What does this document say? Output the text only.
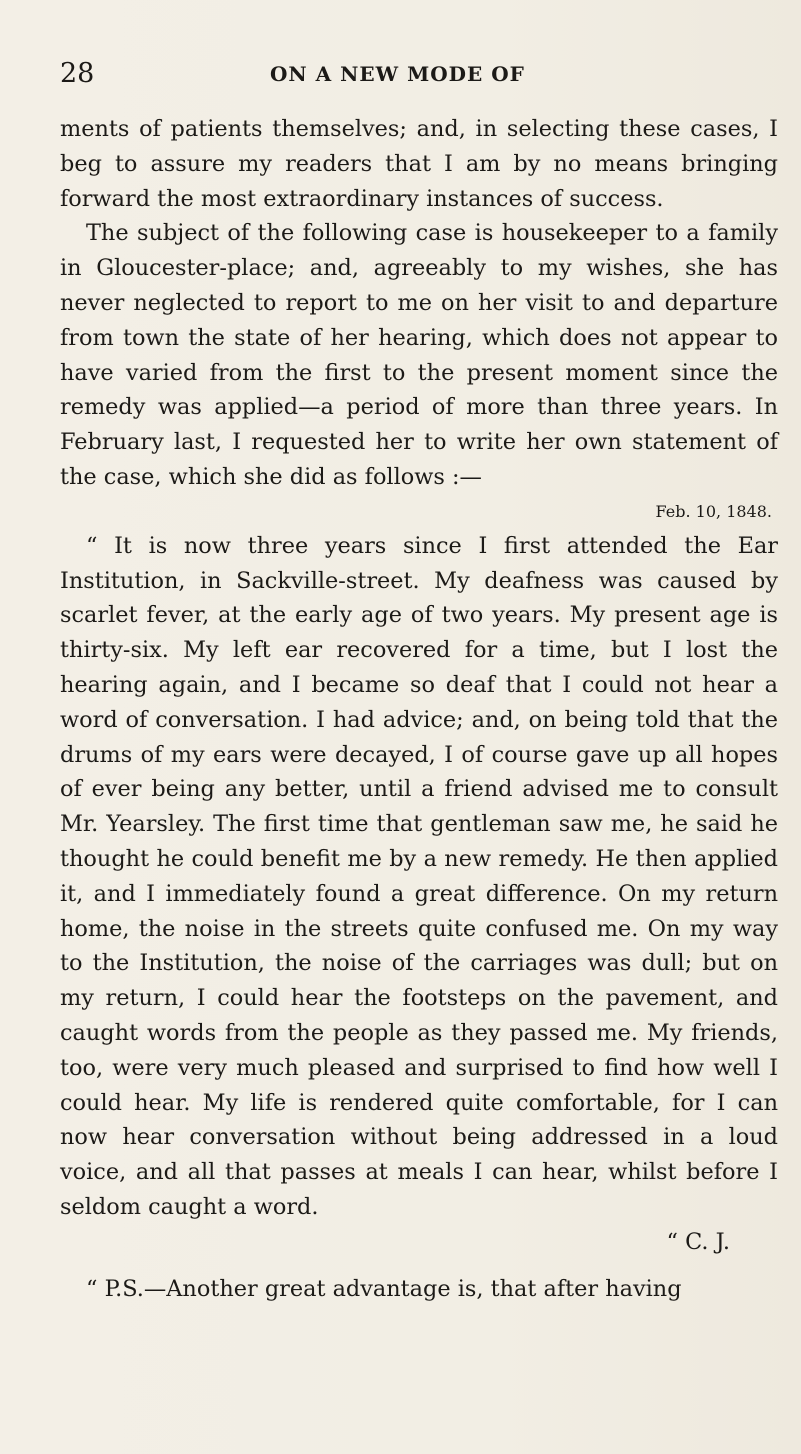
28	ON A NEW MODE OF

ments of patients themselves; and, in selecting these cases, I beg to assure my readers that I am by no means bringing forward the most extraordinary instances of success.

The subject of the following case is housekeeper to a family in Gloucester-place; and, agreeably to my wishes, she has never neglected to report to me on her visit to and departure from town the state of her hearing, which does not appear to have varied from the first to the present moment since the remedy was applied—a period of more than three years. In February last, I requested her to write her own statement of the case, which she did as follows :—

Feb. 10, 1848.

“ It is now three years since I first attended the Ear Institution, in Sackville-street. My deafness was caused by scarlet fever, at the early age of two years. My present age is thirty-six. My left ear recovered for a time, but I lost the hearing again, and I became so deaf that I could not hear a word of conversation. I had advice; and, on being told that the drums of my ears were decayed, I of course gave up all hopes of ever being any better, until a friend advised me to consult Mr. Yearsley. The first time that gentleman saw me, he said he thought he could benefit me by a new remedy. He then applied it, and I immediately found a great difference. On my return home, the noise in the streets quite confused me. On my way to the Institution, the noise of the carriages was dull; but on my return, I could hear the footsteps on the pavement, and caught words from the people as they passed me. My friends, too, were very much pleased and surprised to find how well I could hear. My life is rendered quite comfortable, for I can now hear conversation without being addressed in a loud voice, and all that passes at meals I can hear, whilst before I seldom caught a word.

“ C. J.

“ P.S.—Another great advantage is, that after having
